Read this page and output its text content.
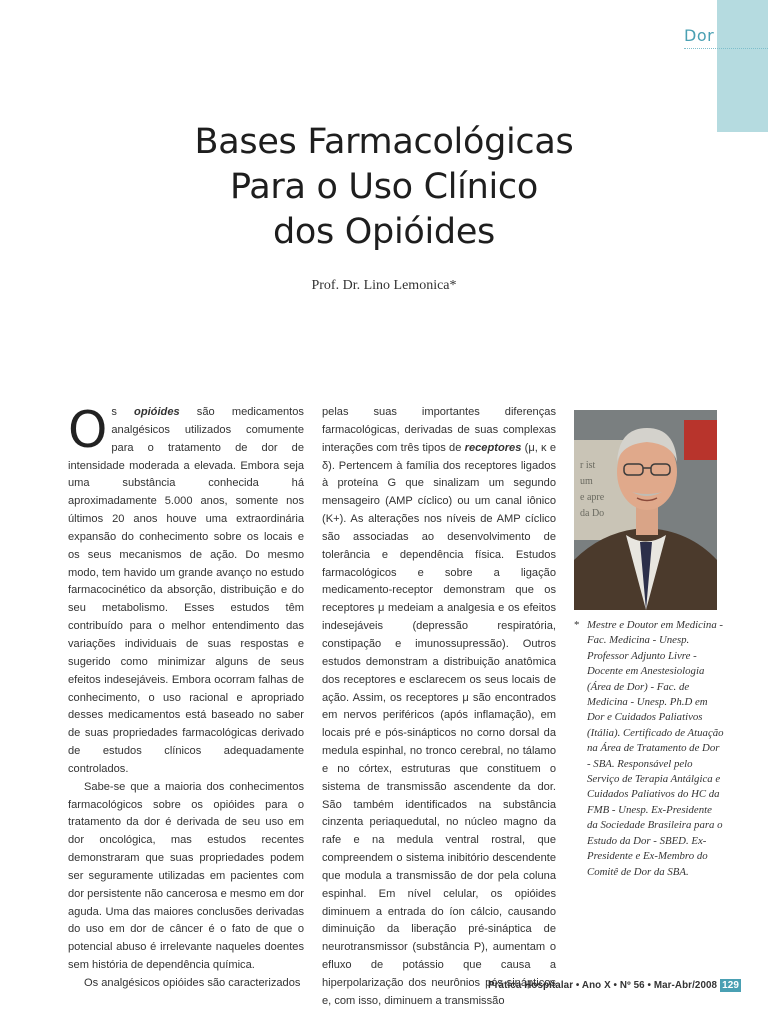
Dor
Bases Farmacológicas
Para o Uso Clínico
dos Opióides
Prof. Dr. Lino Lemonica*

Os opióides são medicamentos analgésicos utilizados comumente para o tratamento de dor de intensidade moderada a elevada. Embora seja uma substância conhecida há aproximadamente 5.000 anos, somente nos últimos 20 anos houve uma extraordinária expansão do conhecimento sobre os locais e os seus mecanismos de ação. Do mesmo modo, tem havido um grande avanço no estudo farmacocinético da absorção, distribuição e do seu metabolismo. Esses estudos têm contribuído para o melhor entendimento das variações individuais de suas respostas e sugerido como minimizar alguns de seus efeitos indesejáveis. Embora ocorram falhas de conhecimento, o uso racional e apropriado desses medicamentos está baseado no saber de suas propriedades farmacológicas derivado de estudos clínicos adequadamente controlados.

Sabe-se que a maioria dos conhecimentos farmacológicos sobre os opióides para o tratamento da dor é derivada de seu uso em dor oncológica, mas estudos recentes demonstraram que suas propriedades podem ser seguramente utilizadas em pacientes com dor persistente não cancerosa e mesmo em dor aguda. Uma das maiores conclusões derivadas do uso em dor de câncer é o fato de que o potencial abuso é irrelevante naqueles doentes sem história de dependência química.

Os analgésicos opióides são caracterizados

pelas suas importantes diferenças farmacológicas, derivadas de suas complexas interações com três tipos de receptores (μ, κ e δ). Pertencem à família dos receptores ligados à proteína G que sinalizam um segundo mensageiro (AMP cíclico) ou um canal iônico (K+). As alterações nos níveis de AMP cíclico são associadas ao desenvolvimento de tolerância e dependência física. Estudos farmacológicos e sobre a ligação medicamento-receptor demonstram que os receptores μ medeiam a analgesia e os efeitos indesejáveis (depressão respiratória, constipação e imunossupressão). Outros estudos demonstram a distribuição anatômica dos receptores e esclarecem os seus locais de ação. Assim, os receptores μ são encontrados em nervos periféricos (após inflamação), em locais pré e pós-sinápticos no corno dorsal da medula espinhal, no tronco cerebral, no tálamo e no córtex, estruturas que constituem o sistema de transmissão ascendente da dor. São também identificados na substância cinzenta periaquedutal, no núcleo magno da rafe e na medula ventral rostral, que compreendem o sistema inibitório descendente que modula a transmissão de dor pela coluna espinhal. Em nível celular, os opióides diminuem a entrada do íon cálcio, causando diminuição da liberação pré-sináptica de neurotransmissor (substância P), aumentam o efluxo de potássio que causa a hiperpolarização dos neurônios pós-sinápticos e, com isso, diminuem a transmissão

r ist
um
e apre
da Do
* Mestre e Doutor em Medicina - Fac. Medicina - Unesp. Professor Adjunto Livre - Docente em Anestesiologia (Área de Dor) - Fac. de Medicina - Unesp. Ph.D em Dor e Cuidados Paliativos (Itália). Certificado de Atuação na Área de Tratamento de Dor - SBA. Responsável pelo Serviço de Terapia Antálgica e Cuidados Paliativos do HC da FMB - Unesp. Ex-Presidente da Sociedade Brasileira para o Estudo da Dor - SBED. Ex-Presidente e Ex-Membro do Comitê de Dor da SBA.
Prática Hospitalar • Ano X • Nº 56 • Mar-Abr/2008 129
